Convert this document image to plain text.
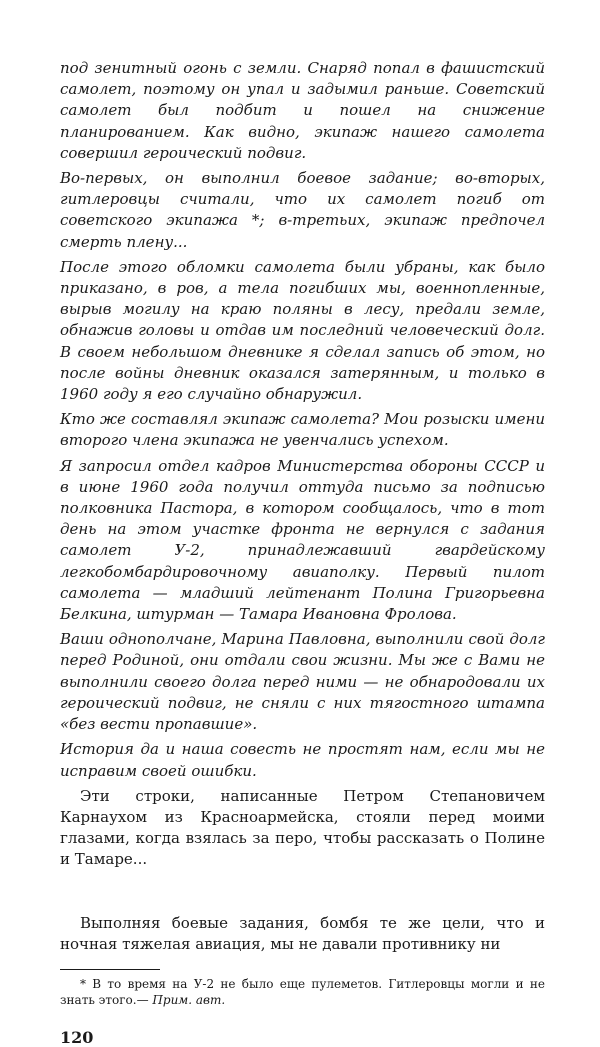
под зенитный огонь с земли. Снаряд попал в фашистский самолет, поэтому он упал и задымил раньше. Советский самолет был подбит и пошел на снижение планированием. Как видно, экипаж нашего самолета совершил героический подвиг.

Во-первых, он выполнил боевое задание; во-вторых, гитлеровцы считали, что их самолет погиб от советского экипажа *; в-третьих, экипаж предпочел смерть плену...

После этого обломки самолета были убраны, как было приказано, в ров, а тела погибших мы, военнопленные, вырыв могилу на краю поляны в лесу, предали земле, обнажив головы и отдав им последний человеческий долг. В своем небольшом дневнике я сделал запись об этом, но после войны дневник оказался затерянным, и только в 1960 году я его случайно обнаружил.

Кто же составлял экипаж самолета? Мои розыски имени второго члена экипажа не увенчались успехом.

Я запросил отдел кадров Министерства обороны СССР и в июне 1960 года получил оттуда письмо за подписью полковника Пастора, в котором сообщалось, что в тот день на этом участке фронта не вернулся с задания самолет У-2, принадлежавший гвардейскому легкобомбардировочному авиаполку. Первый пилот самолета — младший лейтенант Полина Григорьевна Белкина, штурман — Тамара Ивановна Фролова.

Ваши однополчане, Марина Павловна, выполнили свой долг перед Родиной, они отдали свои жизни. Мы же с Вами не выполнили своего долга перед ними — не обнародовали их героический подвиг, не сняли с них тягостного штампа «без вести пропавшие».

История да и наша совесть не простят нам, если мы не исправим своей ошибки.

Эти строки, написанные Петром Степановичем Карнаухом из Красноармейска, стояли перед моими глазами, когда взялась за перо, чтобы рассказать о Полине и Тамаре...

Выполняя боевые задания, бомбя те же цели, что и ночная тяжелая авиация, мы не давали противнику ни

* В то время на У-2 не было еще пулеметов. Гитлеровцы могли и не знать этого.— Прим. авт.

120
